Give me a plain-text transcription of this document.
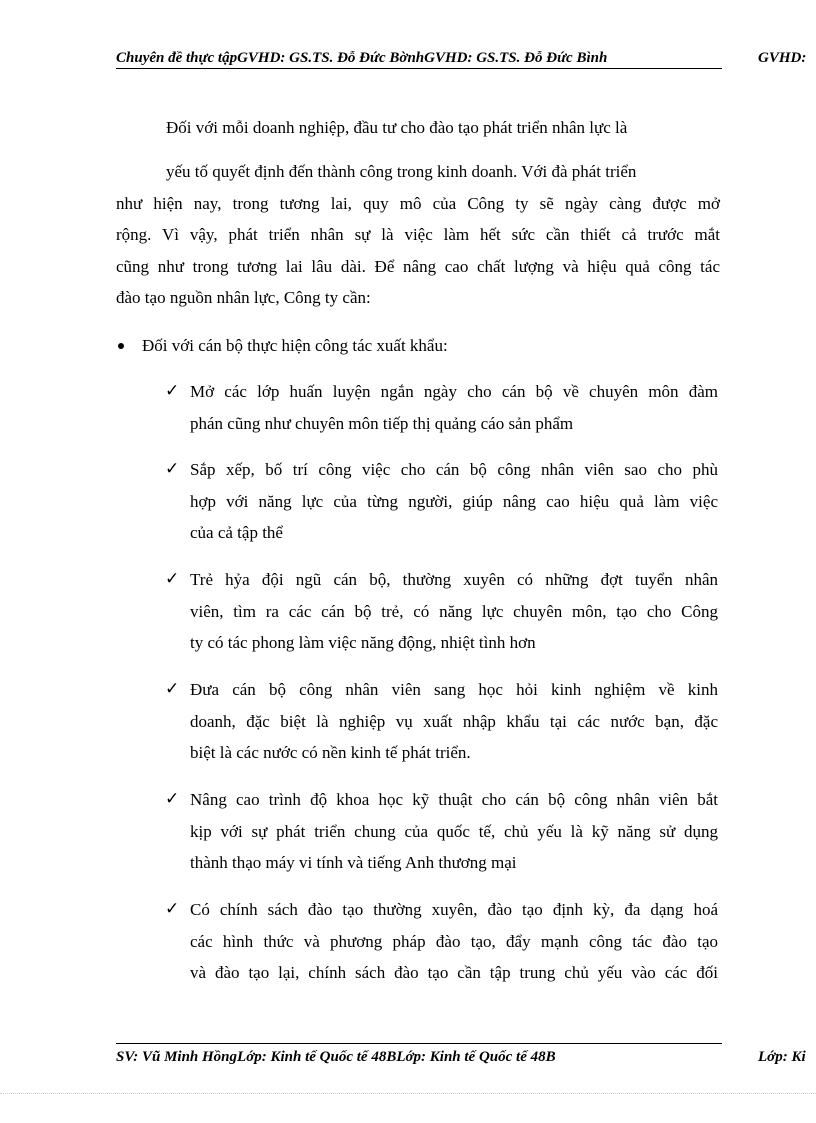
Chuyên đề thực tậpGVHD: GS.TS. Đỗ Đức BờnhGVHD: GS.TS. Đỗ Đức Bình	GVHD:
Đối với mỗi doanh nghiệp, đầu tư cho đào tạo phát triển nhân lực là
yếu tố quyết định đến thành công trong kinh doanh. Với đà phát triển
như hiện nay, trong tương lai, quy mô của Công ty sẽ ngày càng được mở
rộng. Vì vậy, phát triển nhân sự là việc làm hết sức cần thiết cả trước mắt
cũng như trong tương lai lâu dài. Để nâng cao chất lượng và hiệu quả công tác
đào tạo nguồn nhân lực, Công ty cần:
Đối với cán bộ thực hiện công tác xuất khẩu:
✓ Mở các lớp huấn luyện ngắn ngày cho cán bộ về chuyên môn đàm
phán cũng như chuyên môn tiếp thị quảng cáo sản phẩm
✓ Sắp xếp, bố trí công việc cho cán bộ công nhân viên sao cho phù
hợp với năng lực của từng người, giúp nâng cao hiệu quả làm việc
của cả tập thể
✓ Trẻ hỷa đội ngũ cán bộ, thường xuyên có những đợt tuyển nhân
viên, tìm ra các cán bộ trẻ, có năng lực chuyên môn, tạo cho Công
ty có tác phong làm việc năng động, nhiệt tình hơn
✓ Đưa cán bộ công nhân viên sang học hỏi kinh nghiệm về kinh
doanh, đặc biệt là nghiệp vụ xuất nhập khẩu tại các nước bạn, đặc
biệt là các nước có nền kinh tế phát triển.
✓ Nâng cao trình độ khoa học kỹ thuật cho cán bộ công nhân viên bắt
kịp với sự phát triển chung của quốc tế, chủ yếu là kỹ năng sử dụng
thành thạo máy vi tính và tiếng Anh thương mại
✓ Có chính sách đào tạo thường xuyên, đào tạo định kỳ, đa dạng hoá
các hình thức và phương pháp đào tạo, đẩy mạnh công tác đào tạo
và đào tạo lại, chính sách đào tạo cần tập trung chủ yếu vào các đối
SV: Vũ Minh HồngLớp: Kinh tế Quốc tế 48BLớp: Kinh tế Quốc tế 48B	Lớp: Ki
